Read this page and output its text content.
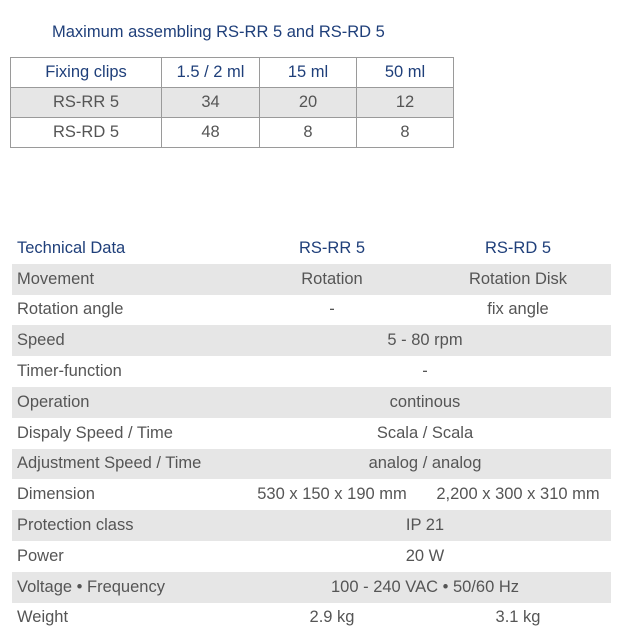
Maximum assembling RS-RR 5 and RS-RD 5
Fixing clips	1.5 / 2 ml	15 ml	50 ml
RS-RR 5	34	20	12
RS-RD 5	48	8	8
Technical Data	RS-RR 5	RS-RD 5
Movement	Rotation	Rotation Disk
Rotation angle	-	fix angle
Speed	5 - 80 rpm	
Timer-function	-	
Operation	continous	
Dispaly Speed / Time	Scala / Scala	
Adjustment Speed / Time	analog / analog	
Dimension	530 x 150 x 190 mm	2,200 x 300 x 310 mm
Protection class	IP 21	
Power	20 W	
Voltage • Frequency	100 - 240 VAC • 50/60 Hz	
Weight	2.9 kg	3.1 kg
